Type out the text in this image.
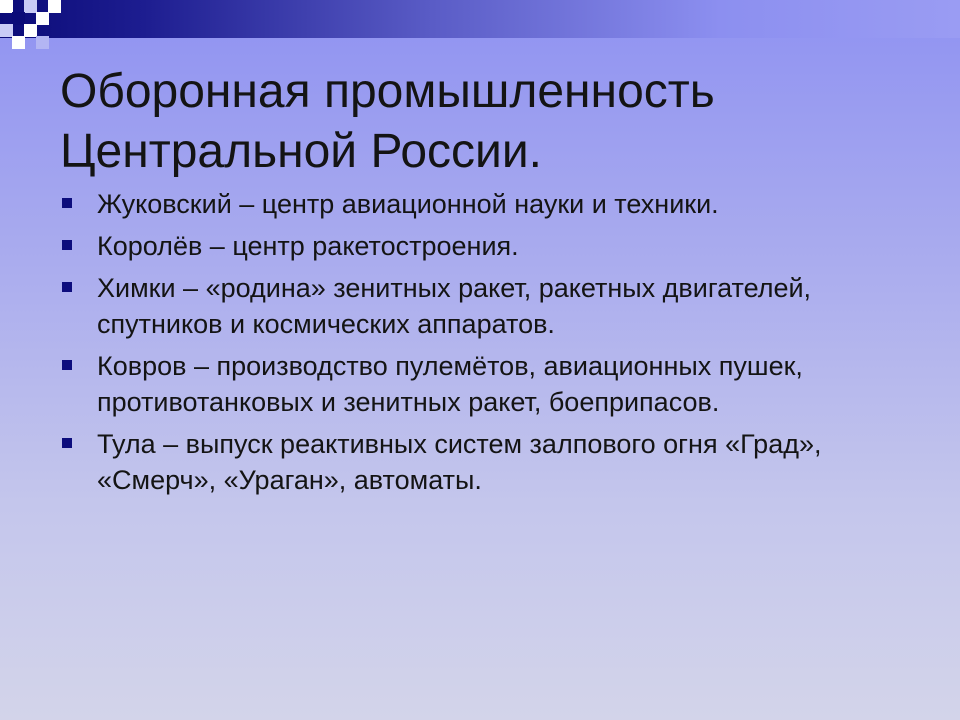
Оборонная промышленность
Центральной России.
Жуковский – центр авиационной науки и техники.
Королёв – центр ракетостроения.
Химки – «родина» зенитных ракет, ракетных двигателей, спутников и космических аппаратов.
Ковров – производство пулемётов, авиационных пушек, противотанковых и зенитных ракет, боеприпасов.
Тула – выпуск реактивных систем залпового огня «Град», «Смерч», «Ураган», автоматы.
